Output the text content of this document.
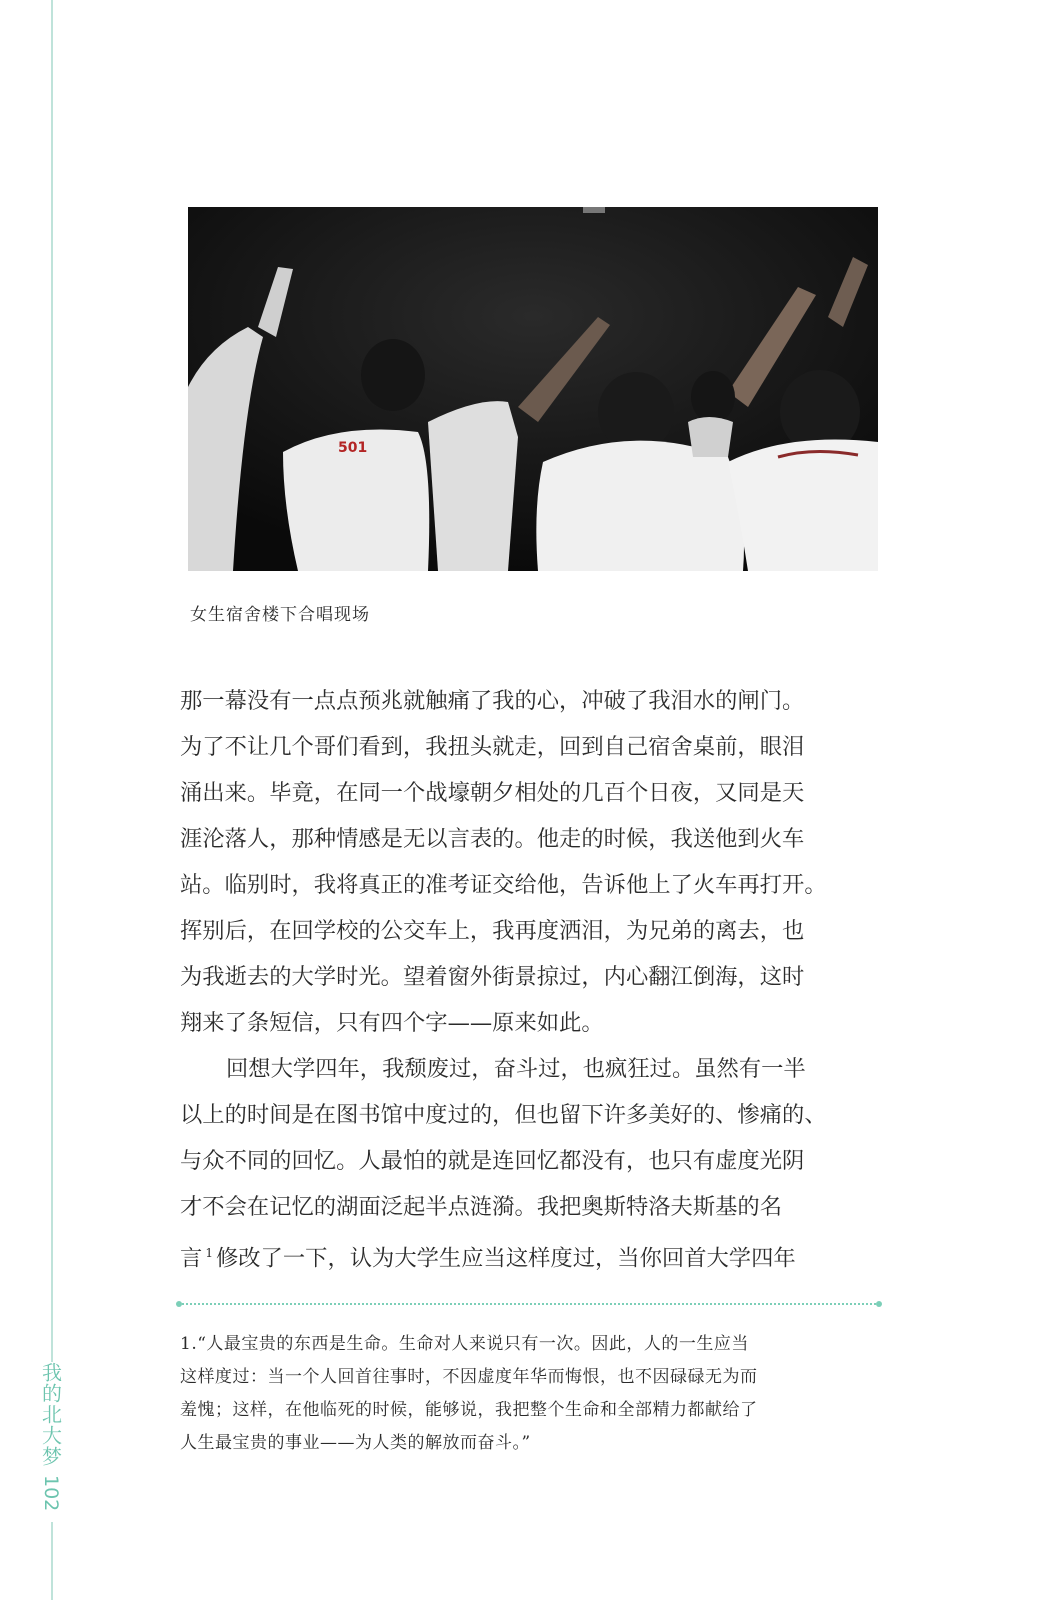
我的北大梦
102
501
女生宿舍楼下合唱现场

那一幕没有一点点预兆就触痛了我的心，冲破了我泪水的闸门。
为了不让几个哥们看到，我扭头就走，回到自己宿舍桌前，眼泪
涌出来。毕竟，在同一个战壕朝夕相处的几百个日夜，又同是天
涯沦落人，那种情感是无以言表的。他走的时候，我送他到火车
站。临别时，我将真正的准考证交给他，告诉他上了火车再打开。
挥别后，在回学校的公交车上，我再度洒泪，为兄弟的离去，也
为我逝去的大学时光。望着窗外街景掠过，内心翻江倒海，这时
翔来了条短信，只有四个字——原来如此。

回想大学四年，我颓废过，奋斗过，也疯狂过。虽然有一半
以上的时间是在图书馆中度过的，但也留下许多美好的、惨痛的、
与众不同的回忆。人最怕的就是连回忆都没有，也只有虚度光阴
才不会在记忆的湖面泛起半点涟漪。我把奥斯特洛夫斯基的名
言 $^1$ 修改了一下，认为大学生应当这样度过，当你回首大学四年

1.“人最宝贵的东西是生命。生命对人来说只有一次。因此，人的一生应当
这样度过：当一个人回首往事时，不因虚度年华而悔恨，也不因碌碌无为而
羞愧；这样，在他临死的时候，能够说，我把整个生命和全部精力都献给了
人生最宝贵的事业——为人类的解放而奋斗。”
